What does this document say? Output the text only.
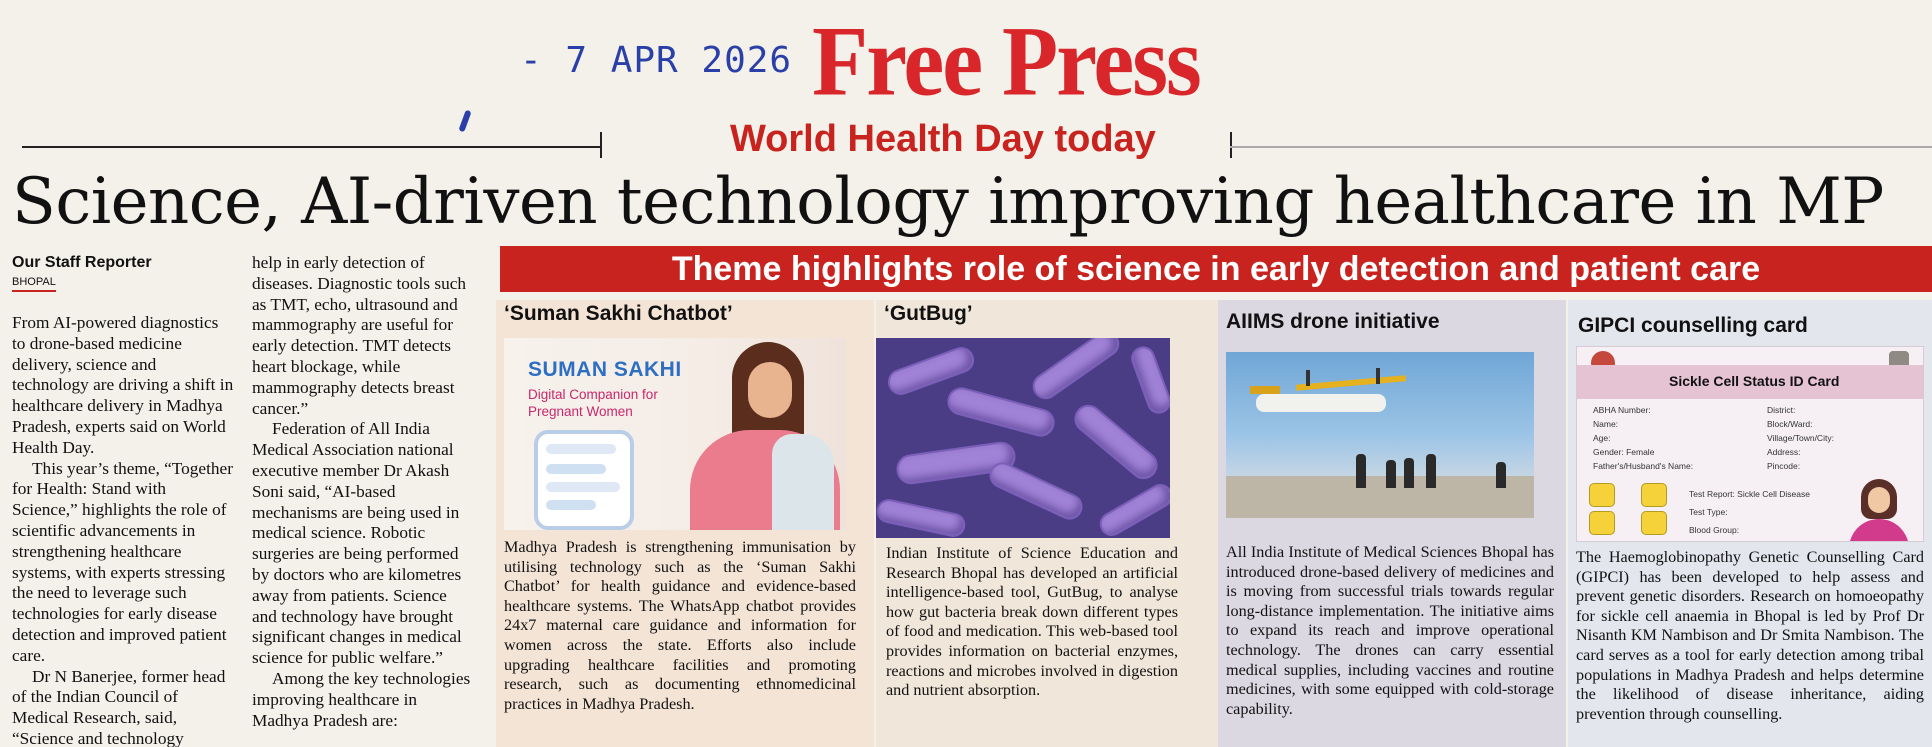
- 7 APR 2026 Free Press
World Health Day today
Science, AI-driven technology improving healthcare in MP
Theme highlights role of science in early detection and patient care
Our Staff Reporter
BHOPAL

From AI-powered diagnostics to drone-based medicine delivery, science and technology are driving a shift in healthcare delivery in Madhya Pradesh, experts said on World Health Day.

This year’s theme, “Together for Health: Stand with Science,” highlights the role of scientific advancements in strengthening healthcare systems, with experts stressing the need to leverage such technologies for early disease detection and improved patient care.

Dr N Banerjee, former head of the Indian Council of Medical Research, said, “Science and technology

help in early detection of diseases. Diagnostic tools such as TMT, echo, ultrasound and mammography are useful for early detection. TMT detects heart blockage, while mammography detects breast cancer.”

Federation of All India Medical Association national executive member Dr Akash Soni said, “AI-based mechanisms are being used in medical science. Robotic surgeries are being performed by doctors who are kilometres away from patients. Science and technology have brought significant changes in medical science for public welfare.”

Among the key technologies improving healthcare in Madhya Pradesh are:

‘Suman Sakhi Chatbot’
SUMAN SAKHI
Digital Companion for Pregnant Women
Madhya Pradesh is strengthening immunisation by utilising technology such as the ‘Suman Sakhi Chatbot’ for health guidance and evidence-based healthcare systems. The WhatsApp chatbot provides 24x7 maternal care guidance and information for women across the state. Efforts also include upgrading healthcare facilities and promoting research, such as documenting ethnomedicinal practices in Madhya Pradesh.
‘GutBug’
Indian Institute of Science Education and Research Bhopal has developed an artificial intelligence-based tool, GutBug, to analyse how gut bacteria break down different types of food and medication. This web-based tool provides information on bacterial enzymes, reactions and microbes involved in digestion and nutrient absorption.
AIIMS drone initiative
All India Institute of Medical Sciences Bhopal has introduced drone-based delivery of medicines and is moving from successful trials towards regular long-distance implementation. The initiative aims to expand its reach and improve operational technology. The drones can carry essential medical supplies, including vaccines and routine medicines, with some equipped with cold-storage capability.
GIPCI counselling card
Sickle Cell Status ID Card
ABHA Number:
Name:
Age:
Gender: Female
Father's/Husband's Name:
District:
Block/Ward:
Village/Town/City:
Address:
Pincode:
Test Report: Sickle Cell Disease
Test Type:
Blood Group:
The Haemoglobinopathy Genetic Counselling Card (GIPCI) has been developed to help assess and prevent genetic disorders. Research on homoeopathy for sickle cell anaemia in Bhopal is led by Prof Dr Nisanth KM Nambison and Dr Smita Nambison. The card serves as a tool for early detection among tribal populations in Madhya Pradesh and helps determine the likelihood of disease inheritance, aiding prevention through counselling.
